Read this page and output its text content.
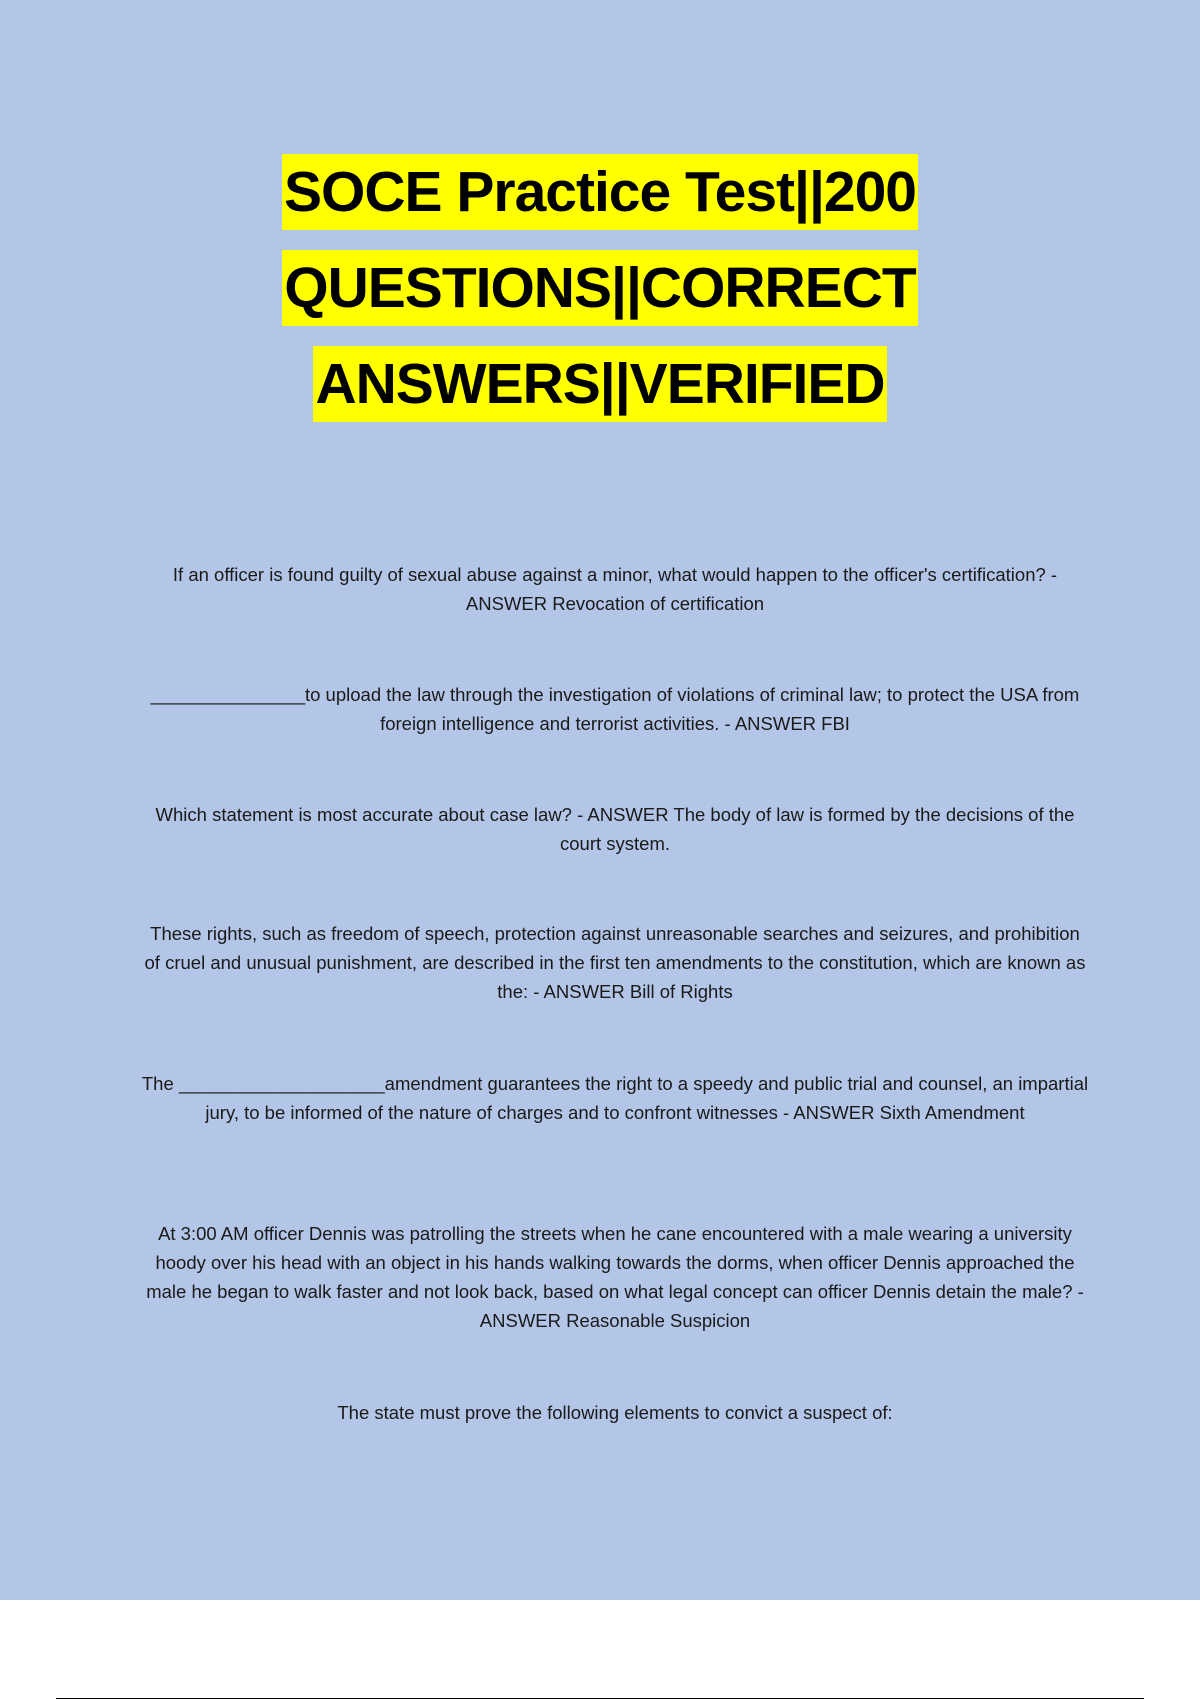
SOCE Practice Test||200
QUESTIONS||CORRECT
ANSWERS||VERIFIED

If an officer is found guilty of sexual abuse against a minor, what would happen to the officer's certification? - ANSWER Revocation of certification

_______________to upload the law through the investigation of violations of criminal law; to protect the USA from foreign intelligence and terrorist activities. - ANSWER FBI

Which statement is most accurate about case law? - ANSWER The body of law is formed by the decisions of the court system.

These rights, such as freedom of speech, protection against unreasonable searches and seizures, and prohibition of cruel and unusual punishment, are described in the first ten amendments to the constitution, which are known as the: - ANSWER Bill of Rights

The ____________________amendment guarantees the right to a speedy and public trial and counsel, an impartial jury, to be informed of the nature of charges and to confront witnesses - ANSWER Sixth Amendment

At 3:00 AM officer Dennis was patrolling the streets when he cane encountered with a male wearing a university hoody over his head with an object in his hands walking towards the dorms, when officer Dennis approached the male he began to walk faster and not look back, based on what legal concept can officer Dennis detain the male? - ANSWER Reasonable Suspicion

The state must prove the following elements to convict a suspect of:
